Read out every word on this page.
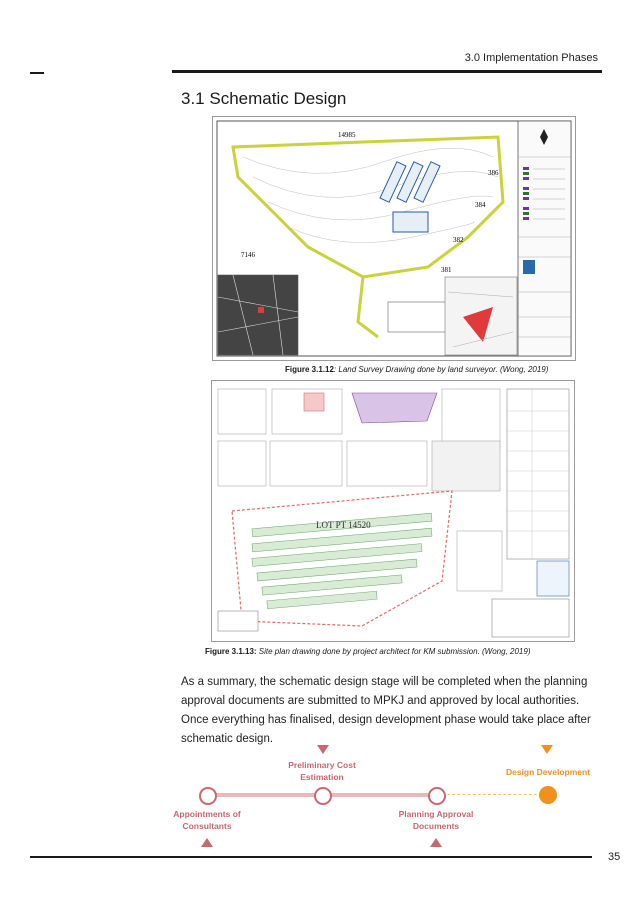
3.0 Implementation Phases
3.1 Schematic Design
14985
386
384
382
381
7146
Figure 3.1.12: Land Survey Drawing done by land surveyor. (Wong, 2019)
LOT PT 14520
Figure 3.1.13: Site plan drawing done by project architect for KM submission. (Wong, 2019)
As a summary, the schematic design stage will be completed when the planning approval documents are submitted to MPKJ and approved by local authorities. Once everything has finalised, design development phase would take place after schematic design.
Appointments of Consultants
Preliminary Cost Estimation
Planning Approval Documents
Design Development
35
